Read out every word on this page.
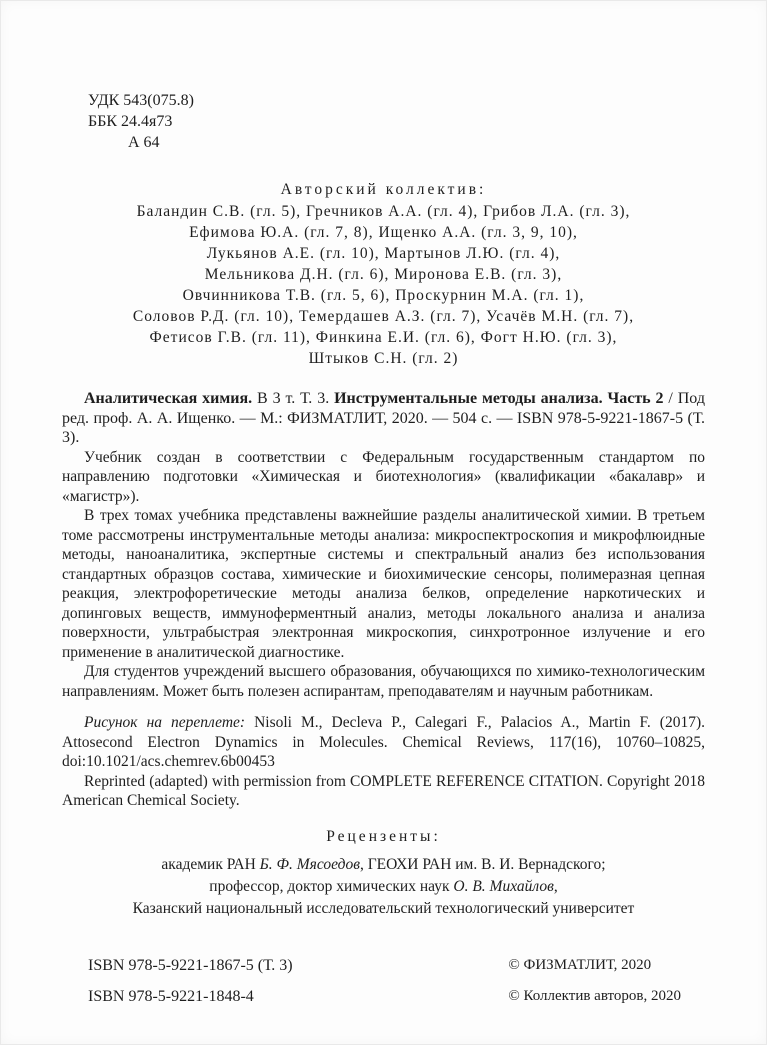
УДК 543(075.8)
ББК 24.4я73
А 64
Авторский коллектив:
Баландин С.В. (гл. 5), Гречников А.А. (гл. 4), Грибов Л.А. (гл. 3),
Ефимова Ю.А. (гл. 7, 8), Ищенко А.А. (гл. 3, 9, 10),
Лукьянов А.Е. (гл. 10), Мартынов Л.Ю. (гл. 4),
Мельникова Д.Н. (гл. 6), Миронова Е.В. (гл. 3),
Овчинникова Т.В. (гл. 5, 6), Проскурнин М.А. (гл. 1),
Соловов Р.Д. (гл. 10), Темердашев А.З. (гл. 7), Усачёв М.Н. (гл. 7),
Фетисов Г.В. (гл. 11), Финкина Е.И. (гл. 6), Фогт Н.Ю. (гл. 3),
Штыков С.Н. (гл. 2)

Аналитическая химия. В 3 т. Т. 3. Инструментальные методы анализа. Часть 2 / Под ред. проф. А. А. Ищенко. — М.: ФИЗМАТЛИТ, 2020. — 504 с. — ISBN 978-5-9221-1867-5 (Т. 3).

Учебник создан в соответствии с Федеральным государственным стандартом по направлению подготовки «Химическая и биотехнология» (квалификации «бакалавр» и «магистр»).

В трех томах учебника представлены важнейшие разделы аналитической химии. В третьем томе рассмотрены инструментальные методы анализа: микроспектроскопия и микрофлюидные методы, наноаналитика, экспертные системы и спектральный анализ без использования стандартных образцов состава, химические и биохимические сенсоры, полимеразная цепная реакция, электрофоретические методы анализа белков, определение наркотических и допинговых веществ, иммуноферментный анализ, методы локального анализа и анализа поверхности, ультрабыстрая электронная микроскопия, синхротронное излучение и его применение в аналитической диагностике.

Для студентов учреждений высшего образования, обучающихся по химико-технологическим направлениям. Может быть полезен аспирантам, преподавателям и научным работникам.

Рисунок на переплете: Nisoli M., Decleva P., Calegari F., Palacios A., Martin F. (2017). Attosecond Electron Dynamics in Molecules. Chemical Reviews, 117(16), 10760–10825, doi:10.1021/acs.chemrev.6b00453

Reprinted (adapted) with permission from COMPLETE REFERENCE CITATION. Copyright 2018 American Chemical Society.

Рецензенты:
академик РАН Б. Ф. Мясоедов, ГЕОХИ РАН им. В. И. Вернадского;
профессор, доктор химических наук О. В. Михайлов,
Казанский национальный исследовательский технологический университет
ISBN 978-5-9221-1867-5 (Т. 3)
ISBN 978-5-9221-1848-4
© ФИЗМАТЛИТ, 2020
© Коллектив авторов, 2020
